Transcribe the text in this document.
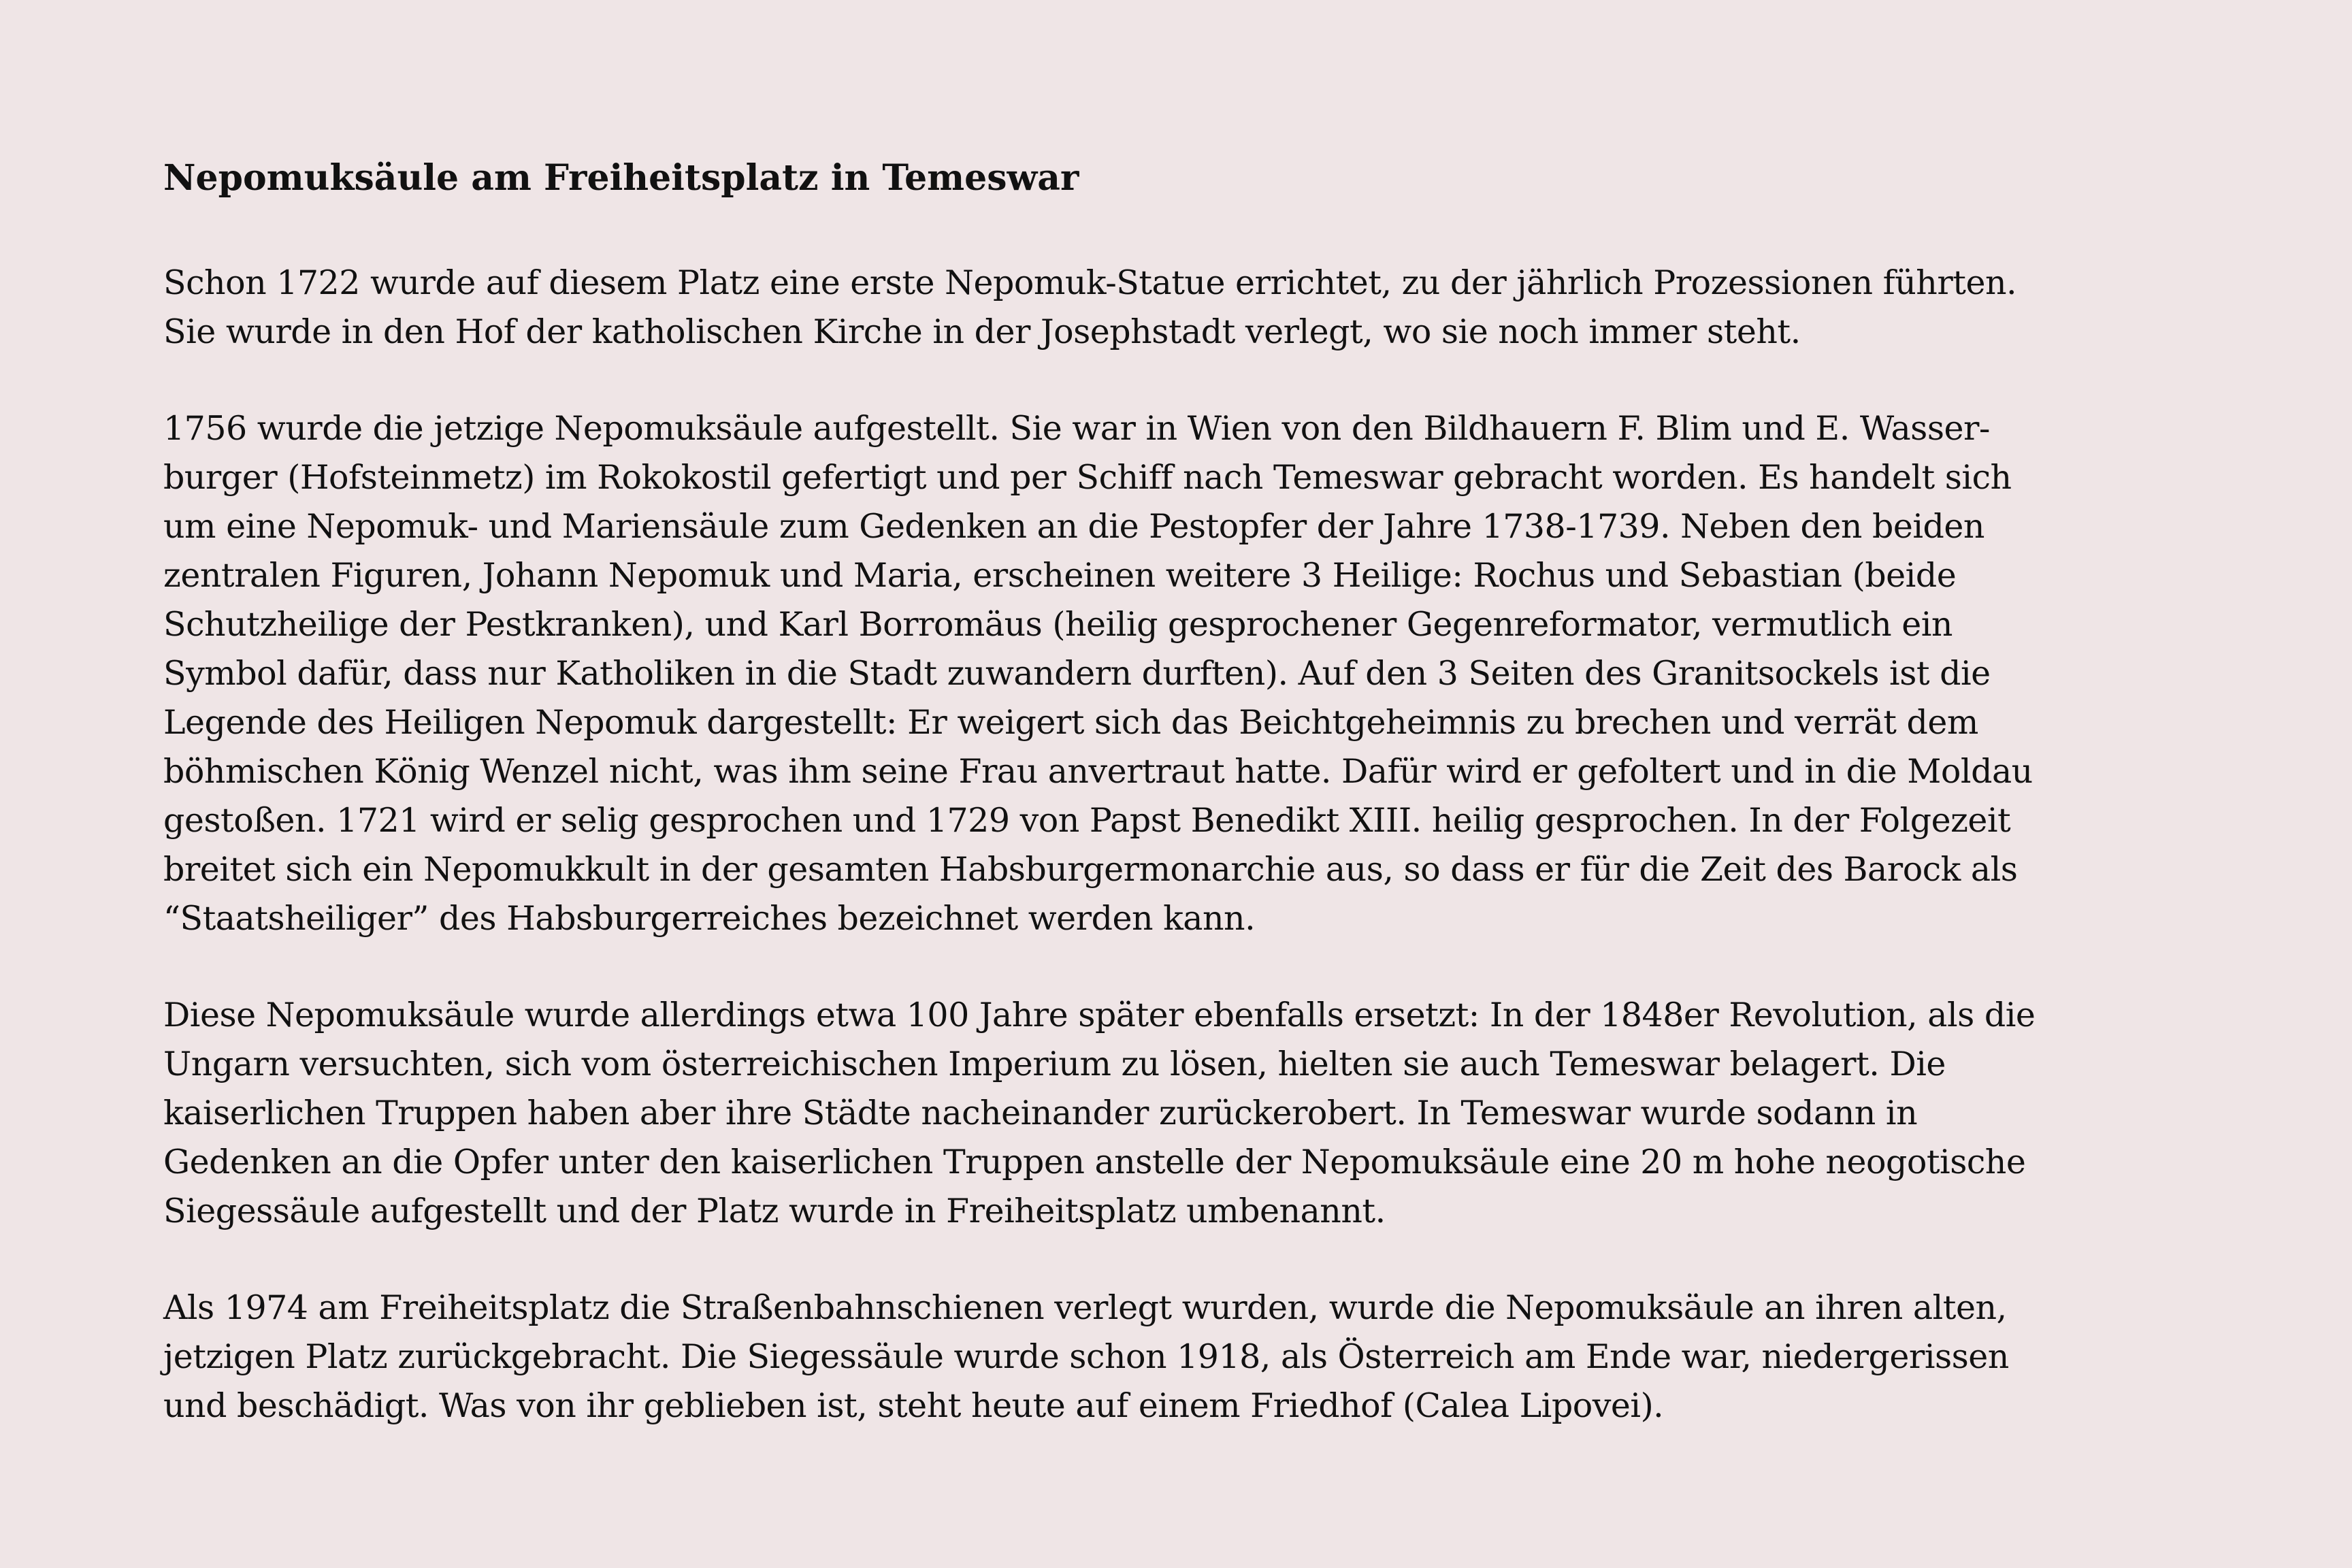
Nepomuksäule am Freiheitsplatz in Temeswar

Schon 1722 wurde auf diesem Platz eine erste Nepomuk-Statue errichtet, zu der jährlich Prozessionen führten.
Sie wurde in den Hof der katholischen Kirche in der Josephstadt verlegt, wo sie noch immer steht.

1756 wurde die jetzige Nepomuksäule aufgestellt. Sie war in Wien von den Bildhauern F. Blim und E. Wasser-
burger (Hofsteinmetz) im Rokokostil gefertigt und per Schiff nach Temeswar gebracht worden. Es handelt sich
um eine Nepomuk- und Mariensäule zum Gedenken an die Pestopfer der Jahre 1738-1739. Neben den beiden
zentralen Figuren, Johann Nepomuk und Maria, erscheinen weitere 3 Heilige: Rochus und Sebastian (beide
Schutzheilige der Pestkranken), und Karl Borromäus (heilig gesprochener Gegenreformator, vermutlich ein
Symbol dafür, dass nur Katholiken in die Stadt zuwandern durften). Auf den 3 Seiten des Granitsockels ist die
Legende des Heiligen Nepomuk dargestellt: Er weigert sich das Beichtgeheimnis zu brechen und verrät dem
böhmischen König Wenzel nicht, was ihm seine Frau anvertraut hatte. Dafür wird er gefoltert und in die Moldau
gestoßen. 1721 wird er selig gesprochen und 1729 von Papst Benedikt XIII. heilig gesprochen. In der Folgezeit
breitet sich ein Nepomukkult in der gesamten Habsburgermonarchie aus, so dass er für die Zeit des Barock als
“Staatsheiliger” des Habsburgerreiches bezeichnet werden kann.

Diese Nepomuksäule wurde allerdings etwa 100 Jahre später ebenfalls ersetzt: In der 1848er Revolution, als die
Ungarn versuchten, sich vom österreichischen Imperium zu lösen, hielten sie auch Temeswar belagert. Die
kaiserlichen Truppen haben aber ihre Städte nacheinander zurückerobert. In Temeswar wurde sodann in
Gedenken an die Opfer unter den kaiserlichen Truppen anstelle der Nepomuksäule eine 20 m hohe neogotische
Siegessäule aufgestellt und der Platz wurde in Freiheitsplatz umbenannt.

Als 1974 am Freiheitsplatz die Straßenbahnschienen verlegt wurden, wurde die Nepomuksäule an ihren alten,
jetzigen Platz zurückgebracht. Die Siegessäule wurde schon 1918, als Österreich am Ende war, niedergerissen
und beschädigt. Was von ihr geblieben ist, steht heute auf einem Friedhof (Calea Lipovei).
